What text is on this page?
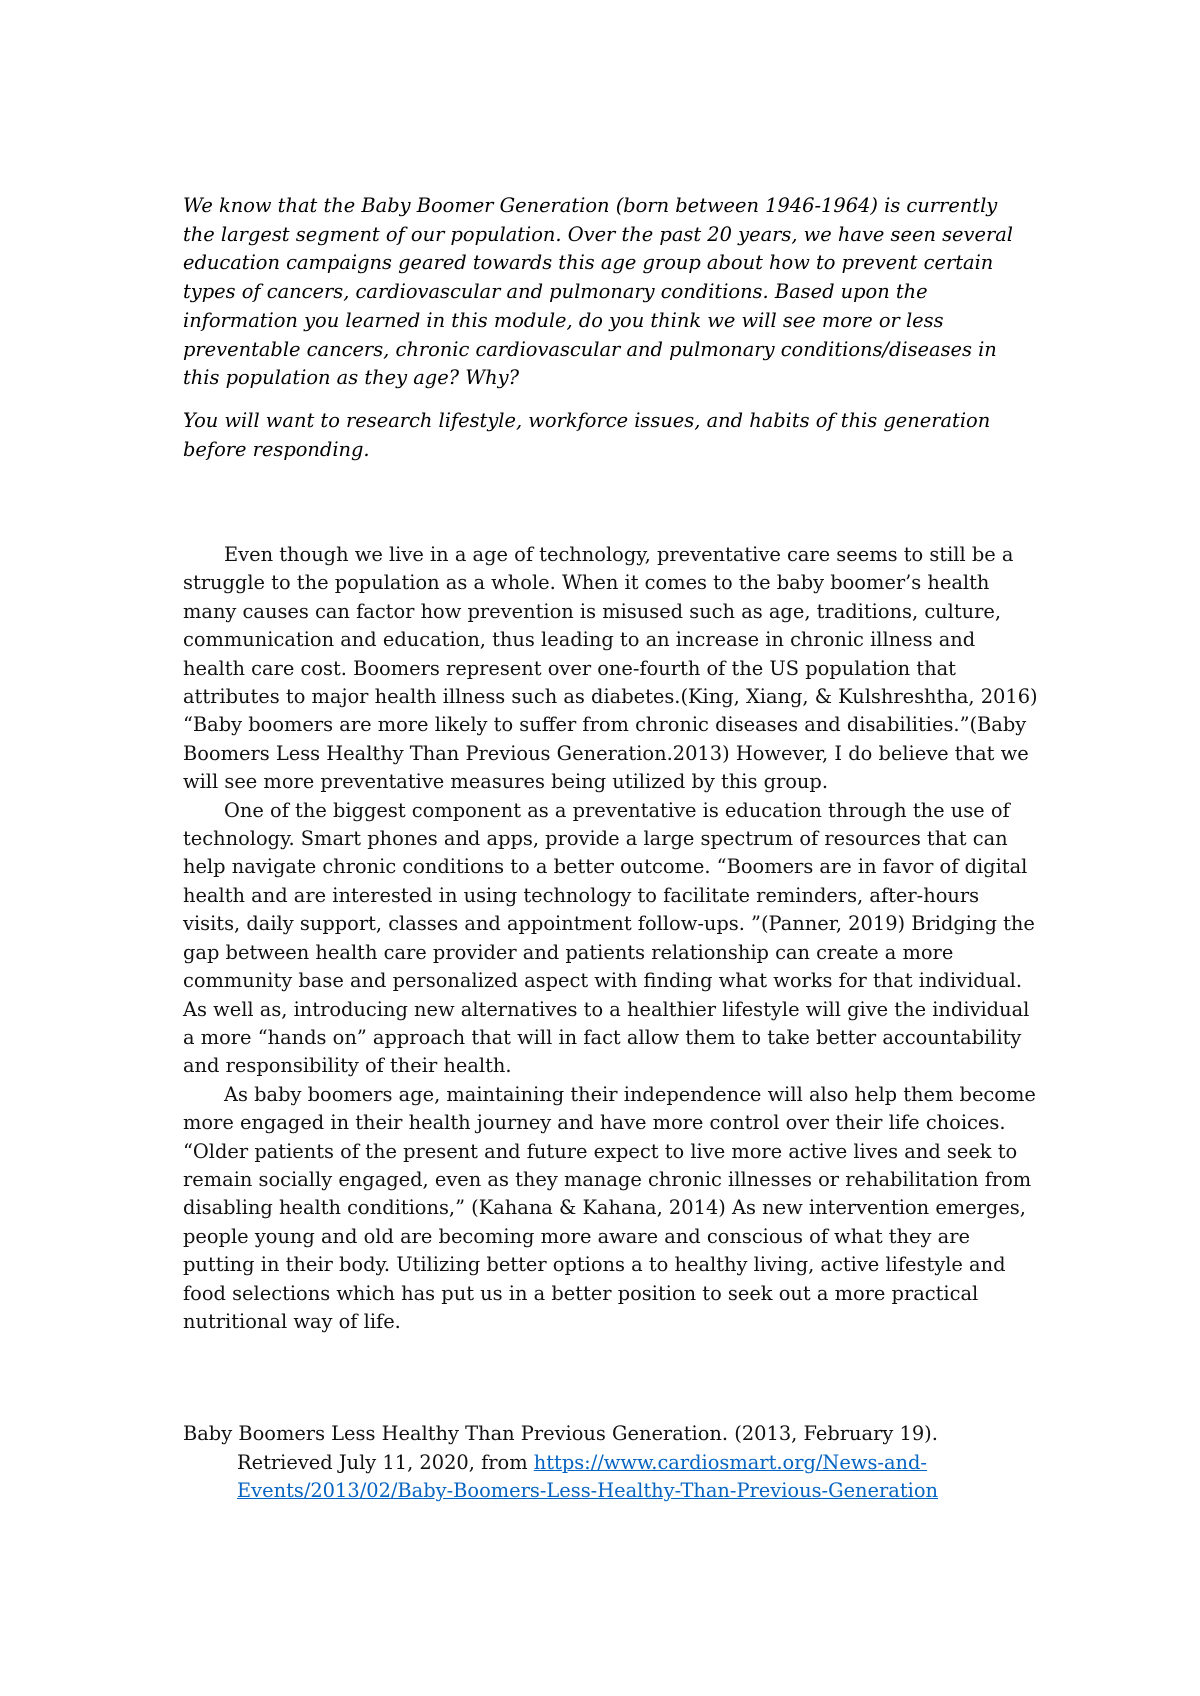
We know that the Baby Boomer Generation (born between 1946-1964) is currently the largest segment of our population. Over the past 20 years, we have seen several education campaigns geared towards this age group about how to prevent certain types of cancers, cardiovascular and pulmonary conditions. Based upon the information you learned in this module, do you think we will see more or less preventable cancers, chronic cardiovascular and pulmonary conditions/diseases in this population as they age? Why?

You will want to research lifestyle, workforce issues, and habits of this generation before responding.

Even though we live in a age of technology, preventative care seems to still be a struggle to the population as a whole. When it comes to the baby boomer’s health many causes can factor how prevention is misused such as age, traditions, culture, communication and education, thus leading to an increase in chronic illness and health care cost. Boomers represent over one-fourth of the US population that attributes to major health illness such as diabetes.(King, Xiang, & Kulshreshtha, 2016) “Baby boomers are more likely to suffer from chronic diseases and disabilities.”(Baby Boomers Less Healthy Than Previous Generation.2013) However, I do believe that we will see more preventative measures being utilized by this group.

One of the biggest component as a preventative is education through the use of technology. Smart phones and apps, provide a large spectrum of resources that can help navigate chronic conditions to a better outcome. “Boomers are in favor of digital health and are interested in using technology to facilitate reminders, after-hours visits, daily support, classes and appointment follow-ups. ”(Panner, 2019) Bridging the gap between health care provider and patients relationship can create a more community base and personalized aspect with finding what works for that individual. As well as, introducing new alternatives to a healthier lifestyle will give the individual a more “hands on” approach that will in fact allow them to take better accountability and responsibility of their health.

As baby boomers age, maintaining their independence will also help them become more engaged in their health journey and have more control over their life choices. “Older patients of the present and future expect to live more active lives and seek to remain socially engaged, even as they manage chronic illnesses or rehabilitation from disabling health conditions,” (Kahana & Kahana, 2014) As new intervention emerges, people young and old are becoming more aware and conscious of what they are putting in their body. Utilizing better options a to healthy living, active lifestyle and food selections which has put us in a better position to seek out a more practical nutritional way of life.

Baby Boomers Less Healthy Than Previous Generation. (2013, February 19). Retrieved July 11, 2020, from https://www.cardiosmart.org/News-and-Events/2013/02/Baby-Boomers-Less-Healthy-Than-Previous-Generation
